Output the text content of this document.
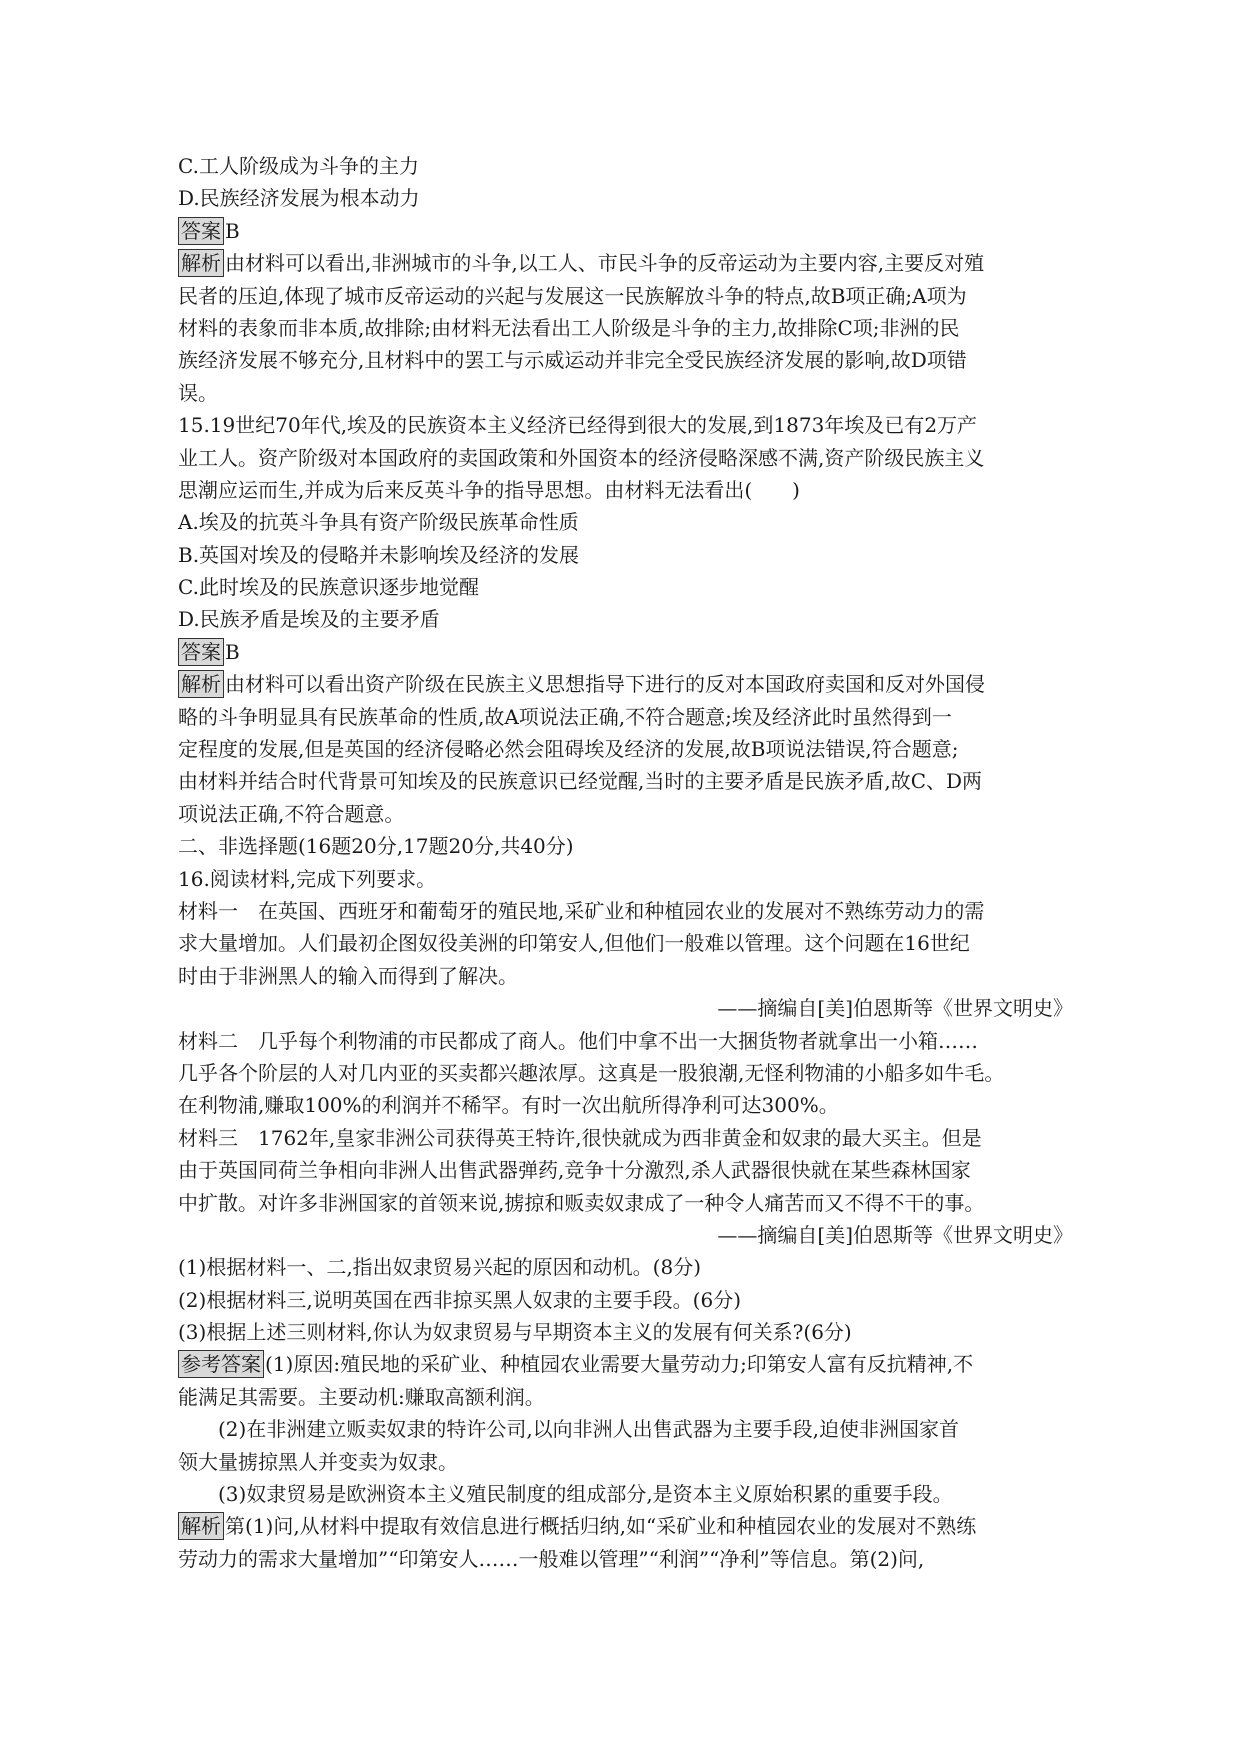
C.工人阶级成为斗争的主力
D.民族经济发展为根本动力
答案 B
解析 由材料可以看出,非洲城市的斗争,以工人、市民斗争的反帝运动为主要内容,主要反对殖
民者的压迫,体现了城市反帝运动的兴起与发展这一民族解放斗争的特点,故B项正确;A项为
材料的表象而非本质,故排除;由材料无法看出工人阶级是斗争的主力,故排除C项;非洲的民
族经济发展不够充分,且材料中的罢工与示威运动并非完全受民族经济发展的影响,故D项错
误。
15.19世纪70年代,埃及的民族资本主义经济已经得到很大的发展,到1873年埃及已有2万产
业工人。资产阶级对本国政府的卖国政策和外国资本的经济侵略深感不满,资产阶级民族主义
思潮应运而生,并成为后来反英斗争的指导思想。由材料无法看出(　　)
A.埃及的抗英斗争具有资产阶级民族革命性质
B.英国对埃及的侵略并未影响埃及经济的发展
C.此时埃及的民族意识逐步地觉醒
D.民族矛盾是埃及的主要矛盾
答案 B
解析 由材料可以看出资产阶级在民族主义思想指导下进行的反对本国政府卖国和反对外国侵
略的斗争明显具有民族革命的性质,故A项说法正确,不符合题意;埃及经济此时虽然得到一
定程度的发展,但是英国的经济侵略必然会阻碍埃及经济的发展,故B项说法错误,符合题意;
由材料并结合时代背景可知埃及的民族意识已经觉醒,当时的主要矛盾是民族矛盾,故C、D两
项说法正确,不符合题意。
二、非选择题(16题20分,17题20分,共40分)
16.阅读材料,完成下列要求。
材料一　在英国、西班牙和葡萄牙的殖民地,采矿业和种植园农业的发展对不熟练劳动力的需
求大量增加。人们最初企图奴役美洲的印第安人,但他们一般难以管理。这个问题在16世纪
时由于非洲黑人的输入而得到了解决。
——摘编自[美]伯恩斯等《世界文明史》
材料二　几乎每个利物浦的市民都成了商人。他们中拿不出一大捆货物者就拿出一小箱……
几乎各个阶层的人对几内亚的买卖都兴趣浓厚。这真是一股狼潮,无怪利物浦的小船多如牛毛。
在利物浦,赚取100%的利润并不稀罕。有时一次出航所得净利可达300%。
材料三　1762年,皇家非洲公司获得英王特许,很快就成为西非黄金和奴隶的最大买主。但是
由于英国同荷兰争相向非洲人出售武器弹药,竞争十分激烈,杀人武器很快就在某些森林国家
中扩散。对许多非洲国家的首领来说,掳掠和贩卖奴隶成了一种令人痛苦而又不得不干的事。
——摘编自[美]伯恩斯等《世界文明史》
(1)根据材料一、二,指出奴隶贸易兴起的原因和动机。(8分)
(2)根据材料三,说明英国在西非掠买黑人奴隶的主要手段。(6分)
(3)根据上述三则材料,你认为奴隶贸易与早期资本主义的发展有何关系?(6分)
参考答案 (1)原因:殖民地的采矿业、种植园农业需要大量劳动力;印第安人富有反抗精神,不
能满足其需要。主要动机:赚取高额利润。
(2)在非洲建立贩卖奴隶的特许公司,以向非洲人出售武器为主要手段,迫使非洲国家首
领大量掳掠黑人并变卖为奴隶。
(3)奴隶贸易是欧洲资本主义殖民制度的组成部分,是资本主义原始积累的重要手段。
解析 第(1)问,从材料中提取有效信息进行概括归纳,如“采矿业和种植园农业的发展对不熟练
劳动力的需求大量增加”“印第安人……一般难以管理”“利润”“净利”等信息。第(2)问,
